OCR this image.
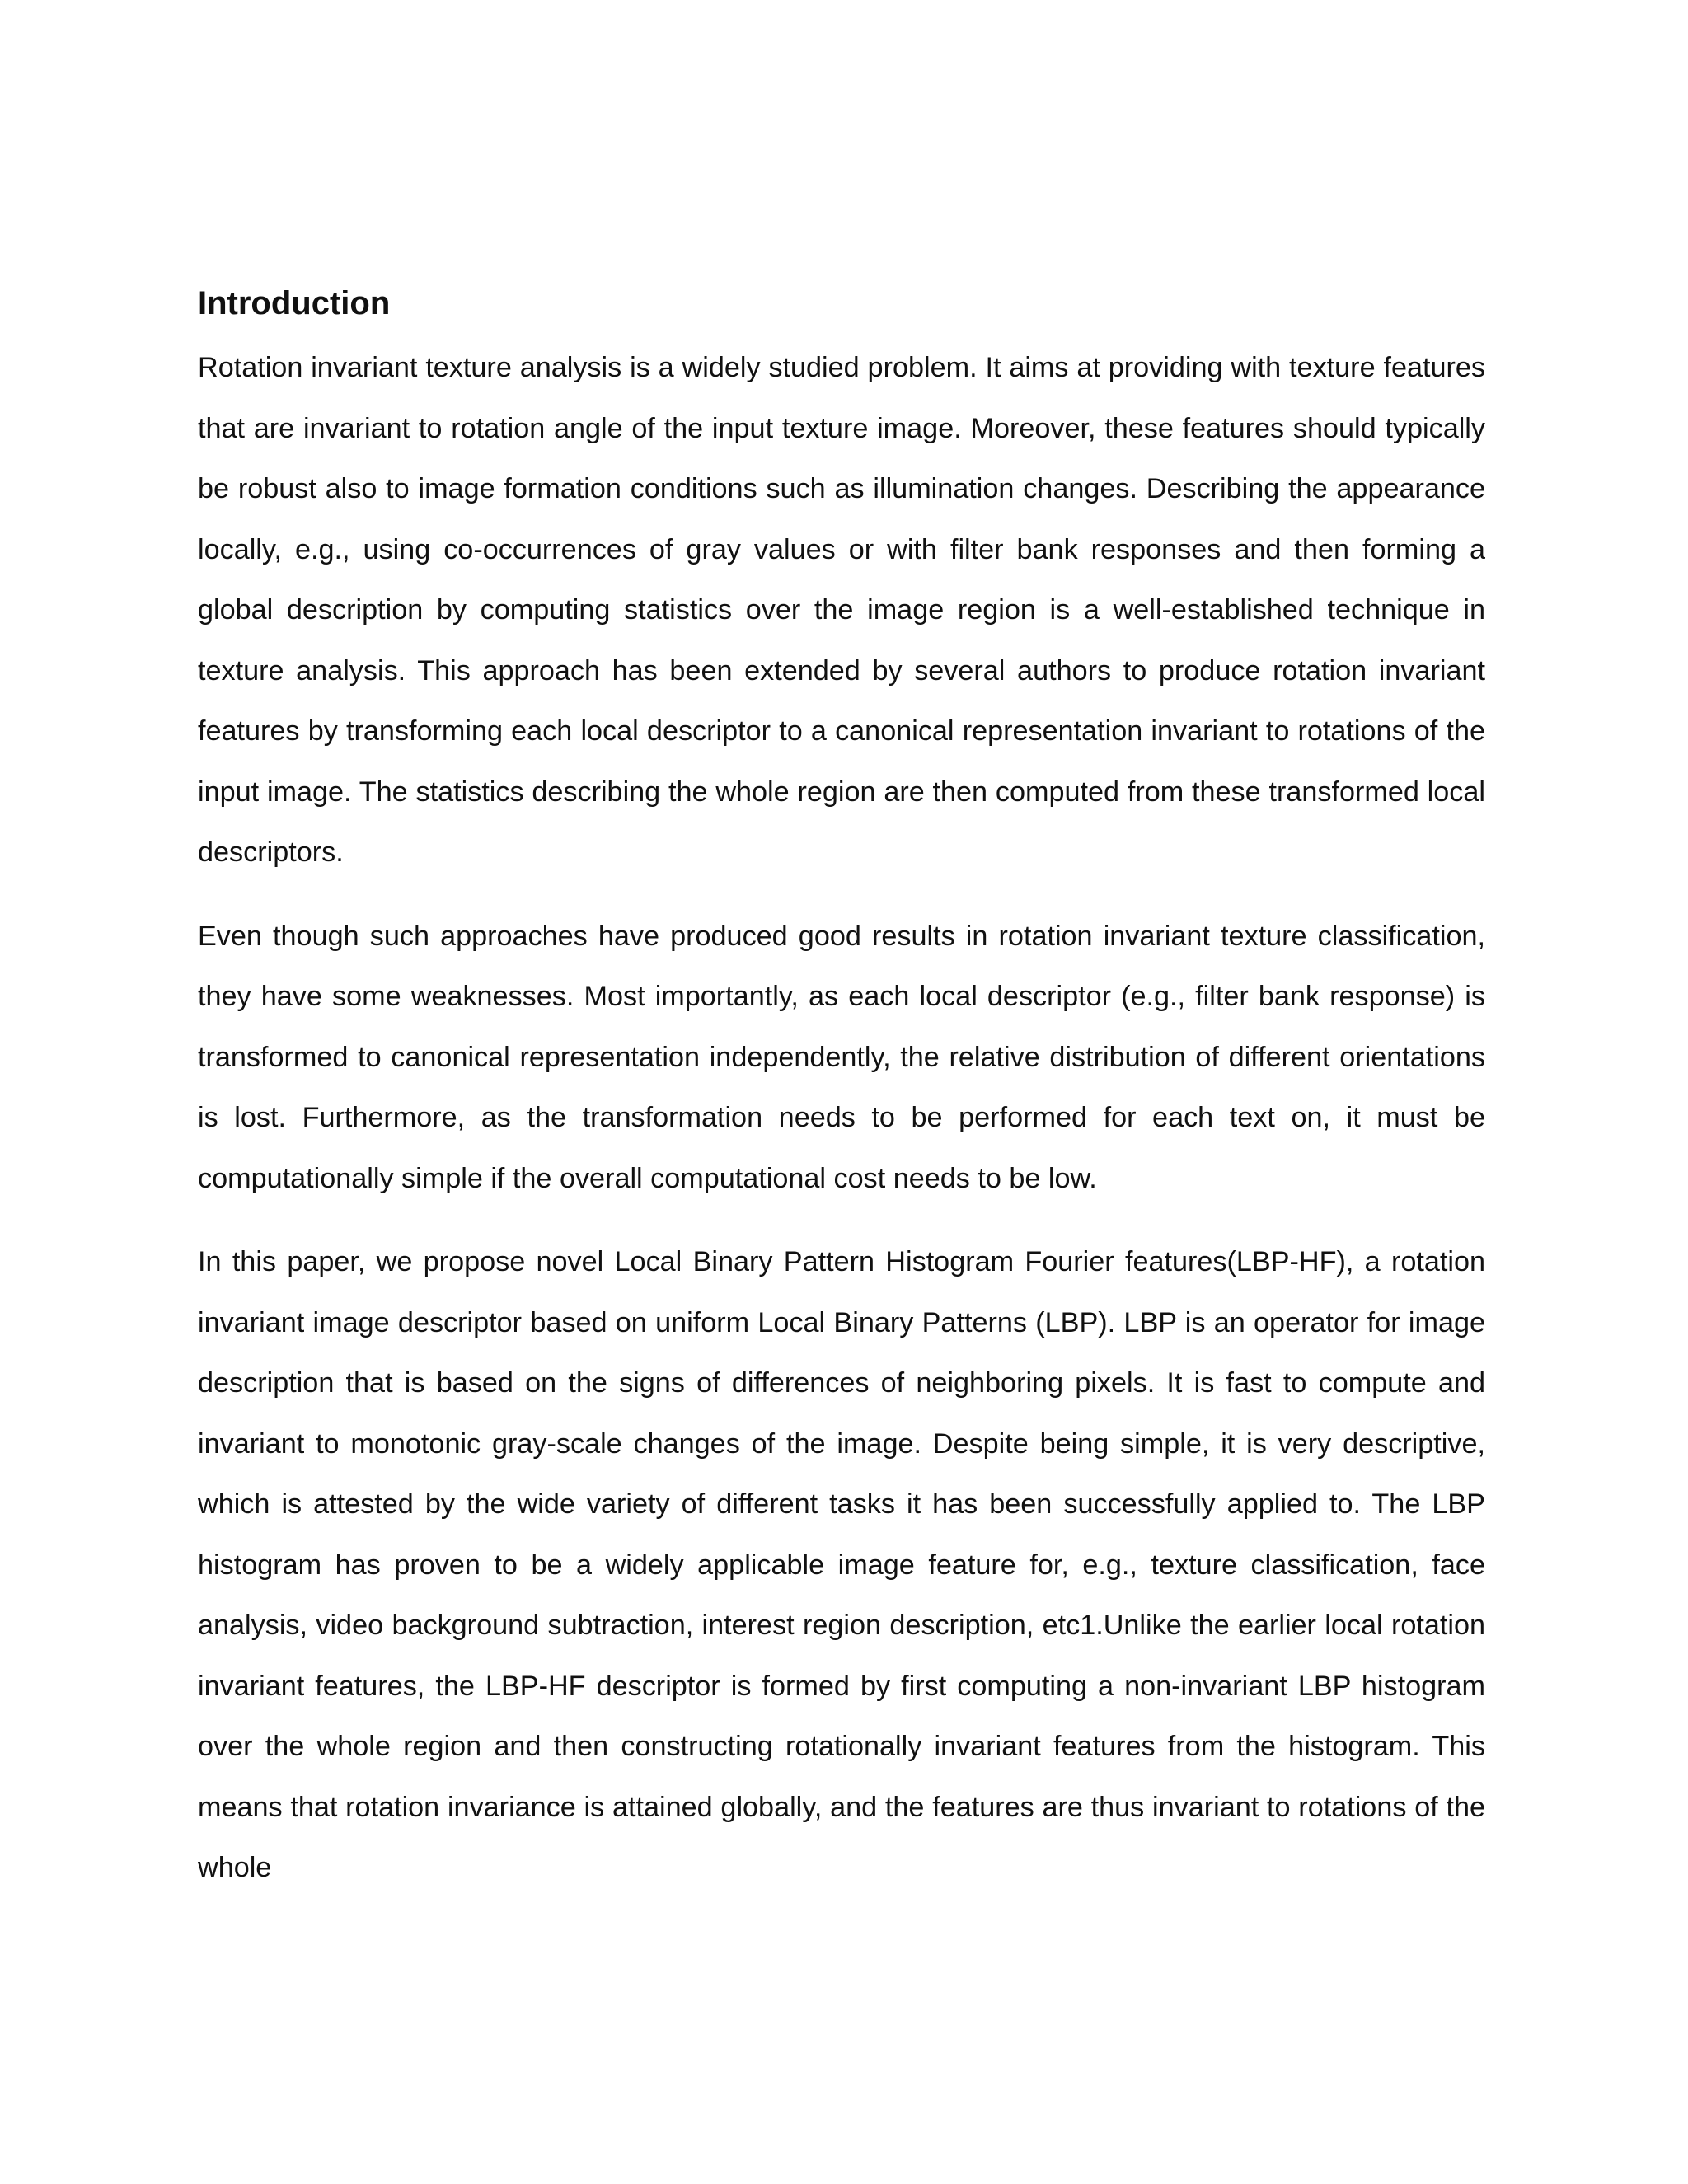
Introduction

Rotation invariant texture analysis is a widely studied problem. It aims at providing with texture features that are invariant to rotation angle of the input texture image. Moreover, these features should typically be robust also to image formation conditions such as illumination changes. Describing the appearance locally, e.g., using co-occurrences of gray values or with filter bank responses and then forming a global description by computing statistics over the image region is a well-established technique in texture analysis. This approach has been extended by several authors to produce rotation invariant features by transforming each local descriptor to a canonical representation invariant to rotations of the input image. The statistics describing the whole region are then computed from these transformed local descriptors.

Even though such approaches have produced good results in rotation invariant texture classification, they have some weaknesses. Most importantly, as each local descriptor (e.g., filter bank response) is transformed to canonical representation independently, the relative distribution of different orientations is lost. Furthermore, as the transformation needs to be performed for each text on, it must be computationally simple if the overall computational cost needs to be low.

In this paper, we propose novel Local Binary Pattern Histogram Fourier features(LBP-HF), a rotation invariant image descriptor based on uniform Local Binary Patterns (LBP). LBP is an operator for image description that is based on the signs of differences of neighboring pixels. It is fast to compute and invariant to monotonic gray-scale changes of the image. Despite being simple, it is very descriptive, which is attested by the wide variety of different tasks it has been successfully applied to. The LBP histogram has proven to be a widely applicable image feature for, e.g., texture classification, face analysis, video background subtraction, interest region description, etc1.Unlike the earlier local rotation invariant features, the LBP-HF descriptor is formed by first computing a non-invariant LBP histogram over the whole region and then constructing rotationally invariant features from the histogram. This means that rotation invariance is attained globally, and the features are thus invariant to rotations of the whole
